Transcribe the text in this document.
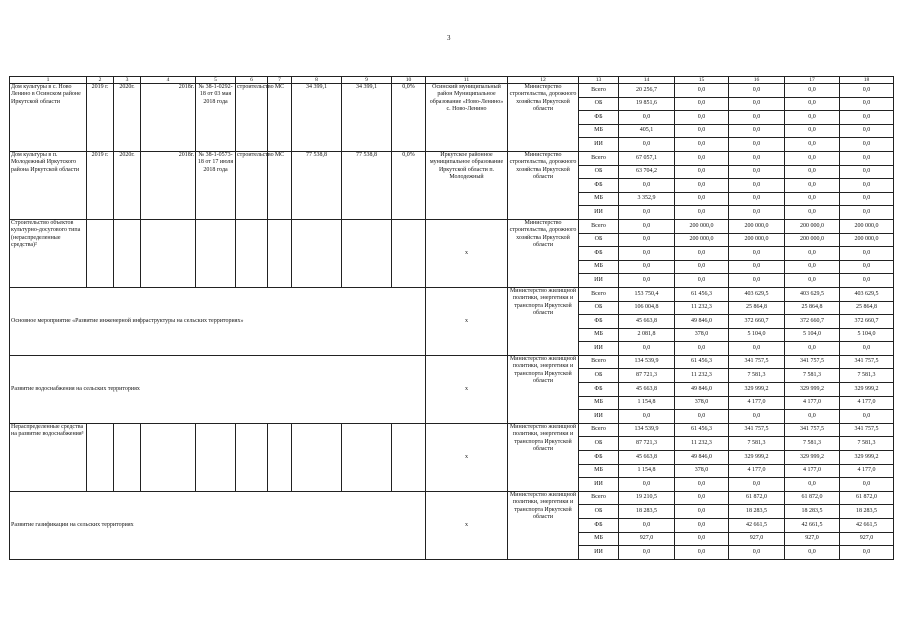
3
1	2	3	4	5	6	7	8	9	10	11	12	13	14	15	16	17	18
Дом культуры в с. Ново Ленино в Осинском районе Иркутской области	2019 г.	2020г.	2018г.	№ 38-1-0292-18 от 03 мая 2018 года	строительство	МС	34 399,1	34 399,1	0,0%	Осинский муниципальный район Муниципальное образование «Ново-Ленино» с. Ново-Ленино	Министерство строительства, дорожного хозяйства Иркутской области	Всего	20 256,7	0,0	0,0	0,0	0,0
												ОБ	19 851,6	0,0	0,0	0,0	0,0
												ФБ	0,0	0,0	0,0	0,0	0,0
												МБ	405,1	0,0	0,0	0,0	0,0
												ИИ	0,0	0,0	0,0	0,0	0,0
Дом культуры в п. Молодежный Иркутского района Иркутской области	2019 г.	2020г.	2018г.	№ 38-1-0573-18 от 17 июля 2018 года	строительство	МС	77 538,8	77 538,8	0,0%	Иркутское районное муниципальное образование Иркутской области п. Молодежный	Министерство строительства, дорожного хозяйства Иркутской области	Всего	67 057,1	0,0	0,0	0,0	0,0
												ОБ	63 704,2	0,0	0,0	0,0	0,0
												ФБ	0,0	0,0	0,0	0,0	0,0
												МБ	3 352,9	0,0	0,0	0,0	0,0
												ИИ	0,0	0,0	0,0	0,0	0,0
Строительство объектов культурно-досугового типа (нераспределенные средства)²										х	Министерство строительства, дорожного хозяйства Иркутской области	Всего	0,0	200 000,0	200 000,0	200 000,0	200 000,0
												ОБ	0,0	200 000,0	200 000,0	200 000,0	200 000,0
												ФБ	0,0	0,0	0,0	0,0	0,0
												МБ	0,0	0,0	0,0	0,0	0,0
												ИИ	0,0	0,0	0,0	0,0	0,0
Основное мероприятие «Развитие инженерной инфраструктуры на сельских территориях»										х	Министерство жилищной политики, энергетики и транспорта Иркутской области	Всего	153 750,4	61 456,3	403 629,5	403 629,5	403 629,5
												ОБ	106 004,8	11 232,3	25 864,8	25 864,8	25 864,8
												ФБ	45 663,8	49 846,0	372 660,7	372 660,7	372 660,7
												МБ	2 081,8	378,0	5 104,0	5 104,0	5 104,0
												ИИ	0,0	0,0	0,0	0,0	0,0
Развитие водоснабжения на сельских территориях										х	Министерство жилищной политики, энергетики и транспорта Иркутской области	Всего	134 539,9	61 456,3	341 757,5	341 757,5	341 757,5
												ОБ	87 721,3	11 232,3	7 581,3	7 581,3	7 581,3
												ФБ	45 663,8	49 846,0	329 999,2	329 999,2	329 999,2
												МБ	1 154,8	378,0	4 177,0	4 177,0	4 177,0
												ИИ	0,0	0,0	0,0	0,0	0,0
Нераспределенные средства на развитие водоснабжения³										х	Министерство жилищной политики, энергетики и транспорта Иркутской области	Всего	134 539,9	61 456,3	341 757,5	341 757,5	341 757,5
												ОБ	87 721,3	11 232,3	7 581,3	7 581,3	7 581,3
												ФБ	45 663,8	49 846,0	329 999,2	329 999,2	329 999,2
												МБ	1 154,8	378,0	4 177,0	4 177,0	4 177,0
												ИИ	0,0	0,0	0,0	0,0	0,0
Развитие газификации на сельских территориях										х	Министерство жилищной политики, энергетики и транспорта Иркутской области	Всего	19 210,5	0,0	61 872,0	61 872,0	61 872,0
												ОБ	18 283,5	0,0	18 283,5	18 283,5	18 283,5
												ФБ	0,0	0,0	42 661,5	42 661,5	42 661,5
												МБ	927,0	0,0	927,0	927,0	927,0
												ИИ	0,0	0,0	0,0	0,0	0,0
